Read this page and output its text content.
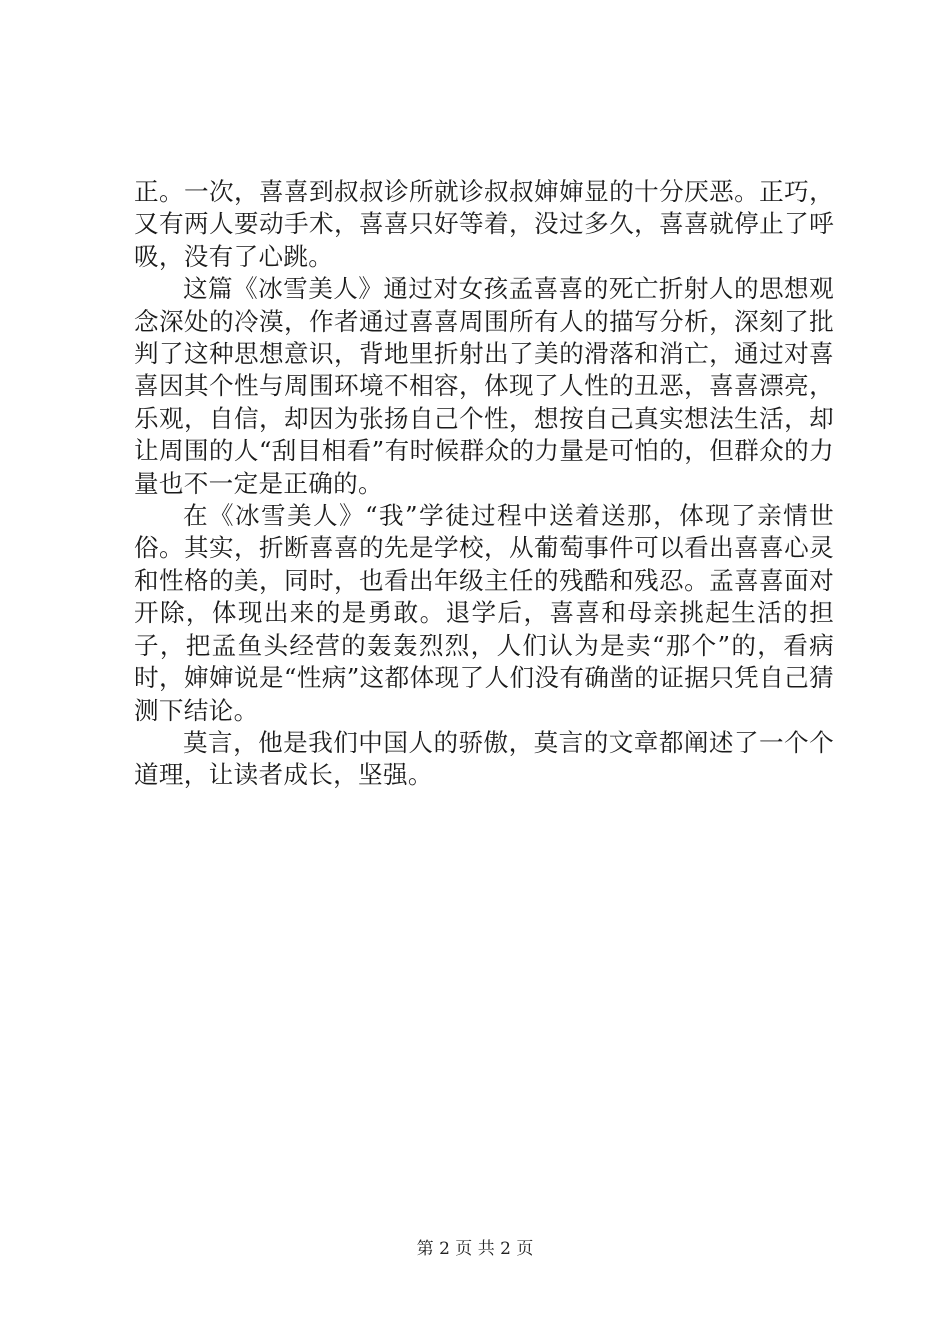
正。一次，喜喜到叔叔诊所就诊叔叔婶婶显的十分厌恶。正巧，又有两人要动手术，喜喜只好等着，没过多久，喜喜就停止了呼吸，没有了心跳。

这篇《冰雪美人》通过对女孩孟喜喜的死亡折射人的思想观念深处的冷漠，作者通过喜喜周围所有人的描写分析，深刻了批判了这种思想意识，背地里折射出了美的滑落和消亡，通过对喜喜因其个性与周围环境不相容，体现了人性的丑恶，喜喜漂亮，乐观，自信，却因为张扬自己个性，想按自己真实想法生活，却让周围的人“刮目相看”有时候群众的力量是可怕的，但群众的力量也不一定是正确的。

在《冰雪美人》“我”学徒过程中送着送那，体现了亲情世俗。其实，折断喜喜的先是学校，从葡萄事件可以看出喜喜心灵和性格的美，同时，也看出年级主任的残酷和残忍。孟喜喜面对开除，体现出来的是勇敢。退学后，喜喜和母亲挑起生活的担子，把孟鱼头经营的轰轰烈烈，人们认为是卖“那个”的，看病时，婶婶说是“性病”这都体现了人们没有确凿的证据只凭自己猜测下结论。

莫言，他是我们中国人的骄傲，莫言的文章都阐述了一个个道理，让读者成长，坚强。

第 2 页 共 2 页
